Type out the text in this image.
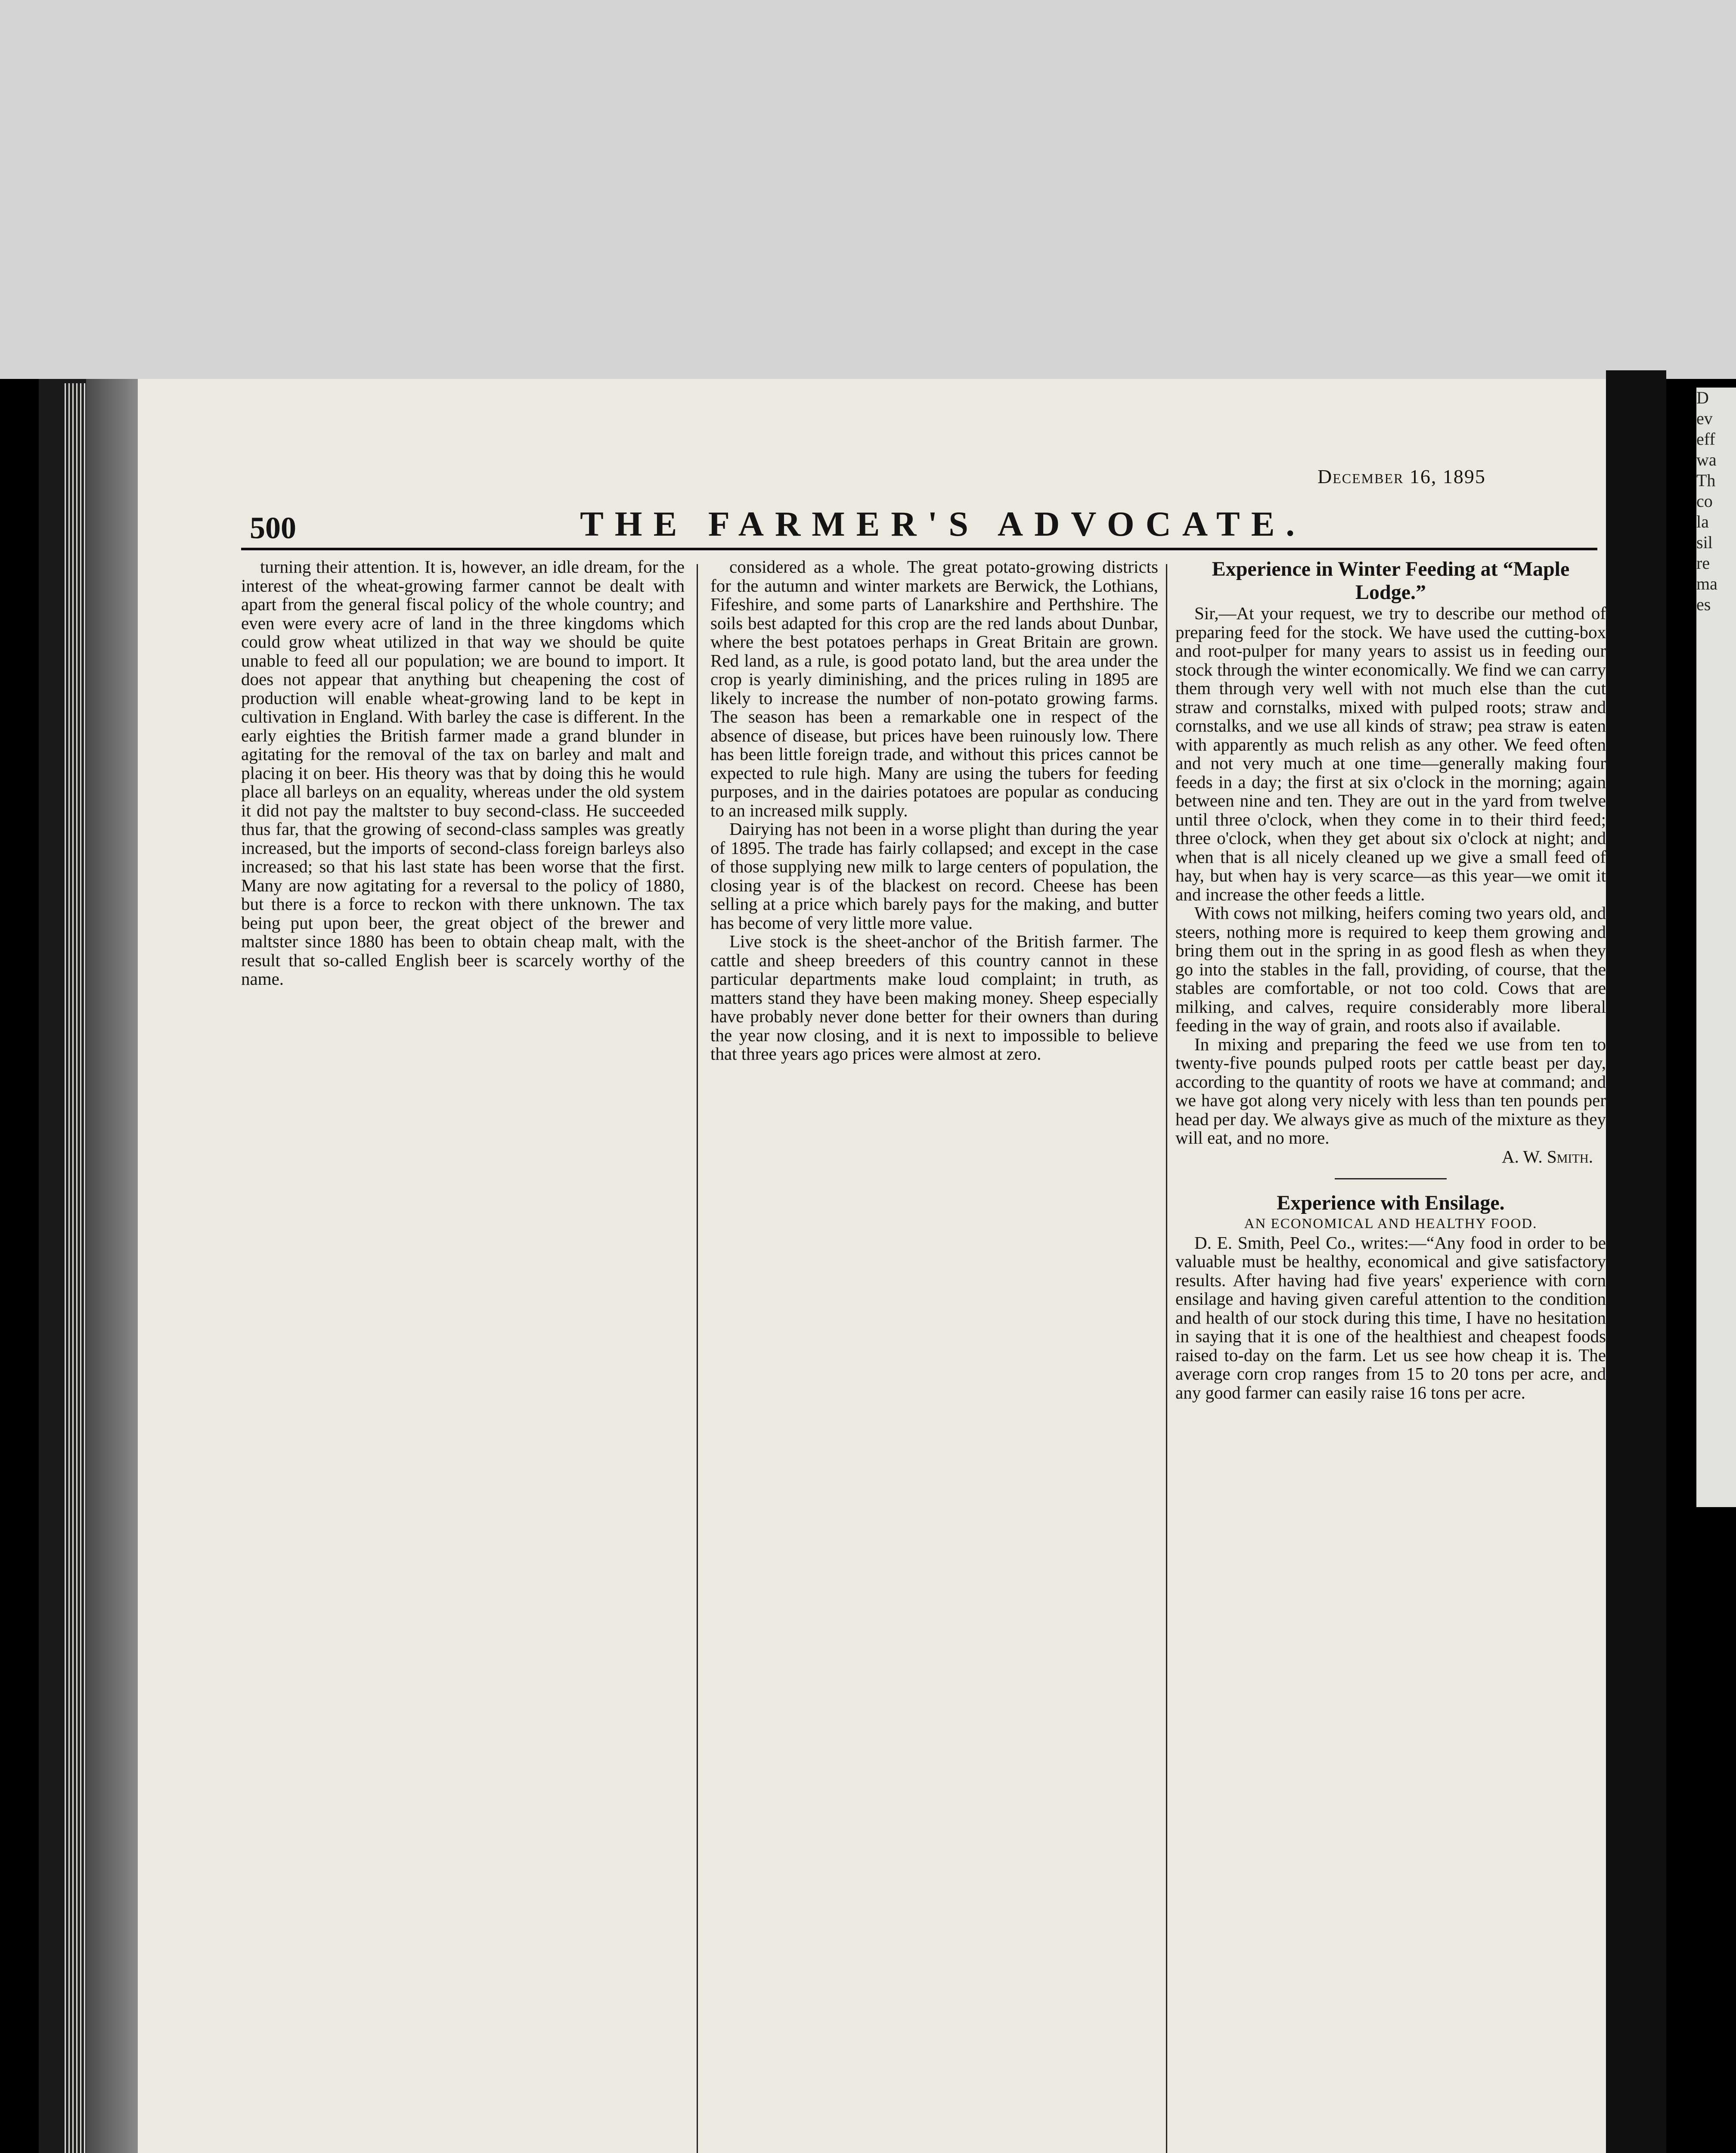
D

ev

eff

wa

Th

co

la

sil

re

ma

es

December 16, 1895
500	THE FARMER'S ADVOCATE.

turning their attention. It is, however, an idle dream, for the interest of the wheat-growing farmer cannot be dealt with apart from the general fiscal policy of the whole country; and even were every acre of land in the three kingdoms which could grow wheat utilized in that way we should be quite unable to feed all our population; we are bound to import. It does not appear that anything but cheapening the cost of production will enable wheat-growing land to be kept in cultivation in England. With barley the case is different. In the early eighties the British farmer made a grand blunder in agitating for the removal of the tax on barley and malt and placing it on beer. His theory was that by doing this he would place all barleys on an equality, whereas under the old system it did not pay the maltster to buy second-class. He succeeded thus far, that the growing of second-class samples was greatly increased, but the imports of second-class foreign barleys also increased; so that his last state has been worse that the first. Many are now agitating for a reversal to the policy of 1880, but there is a force to reckon with there unknown. The tax being put upon beer, the great object of the brewer and maltster since 1880 has been to obtain cheap malt, with the result that so-called English beer is scarcely worthy of the name.

considered as a whole. The great potato-growing districts for the autumn and winter markets are Berwick, the Lothians, Fifeshire, and some parts of Lanarkshire and Perthshire. The soils best adapted for this crop are the red lands about Dunbar, where the best potatoes perhaps in Great Britain are grown. Red land, as a rule, is good potato land, but the area under the crop is yearly diminishing, and the prices ruling in 1895 are likely to increase the number of non-potato growing farms. The season has been a remarkable one in respect of the absence of disease, but prices have been ruinously low. There has been little foreign trade, and without this prices cannot be expected to rule high. Many are using the tubers for feeding purposes, and in the dairies potatoes are popular as conducing to an increased milk supply.

Dairying has not been in a worse plight than during the year of 1895. The trade has fairly collapsed; and except in the case of those supplying new milk to large centers of population, the closing year is of the blackest on record. Cheese has been selling at a price which barely pays for the making, and butter has become of very little more value.

Live stock is the sheet-anchor of the British farmer. The cattle and sheep breeders of this country cannot in these particular departments make loud complaint; in truth, as matters stand they have been making money. Sheep especially have probably never done better for their owners than during the year now closing, and it is next to impossible to believe that three years ago prices were almost at zero.

Experience in Winter Feeding at “Maple Lodge.”

Sir,—At your request, we try to describe our method of preparing feed for the stock. We have used the cutting-box and root-pulper for many years to assist us in feeding our stock through the winter economically. We find we can carry them through very well with not much else than the cut straw and cornstalks, mixed with pulped roots; straw and cornstalks, and we use all kinds of straw; pea straw is eaten with apparently as much relish as any other. We feed often and not very much at one time—generally making four feeds in a day; the first at six o'clock in the morning; again between nine and ten. They are out in the yard from twelve until three o'clock, when they come in to their third feed; three o'clock, when they get about six o'clock at night; and when that is all nicely cleaned up we give a small feed of hay, but when hay is very scarce—as this year—we omit it and increase the other feeds a little.

With cows not milking, heifers coming two years old, and steers, nothing more is required to keep them growing and bring them out in the spring in as good flesh as when they go into the stables in the fall, providing, of course, that the stables are comfortable, or not too cold. Cows that are milking, and calves, require considerably more liberal feeding in the way of grain, and roots also if available.

In mixing and preparing the feed we use from ten to twenty-five pounds pulped roots per cattle beast per day, according to the quantity of roots we have at command; and we have got along very nicely with less than ten pounds per head per day. We always give as much of the mixture as they will eat, and no more.

A. W. Smith.

Experience with Ensilage.

AN ECONOMICAL AND HEALTHY FOOD.

D. E. Smith, Peel Co., writes:—“Any food in order to be valuable must be healthy, economical and give satisfactory results. After having had five years' experience with corn ensilage and having given careful attention to the condition and health of our stock during this time, I have no hesitation in saying that it is one of the healthiest and cheapest foods raised to-day on the farm. Let us see how cheap it is. The average corn crop ranges from 15 to 20 tons per acre, and any good farmer can easily raise 16 tons per acre.
